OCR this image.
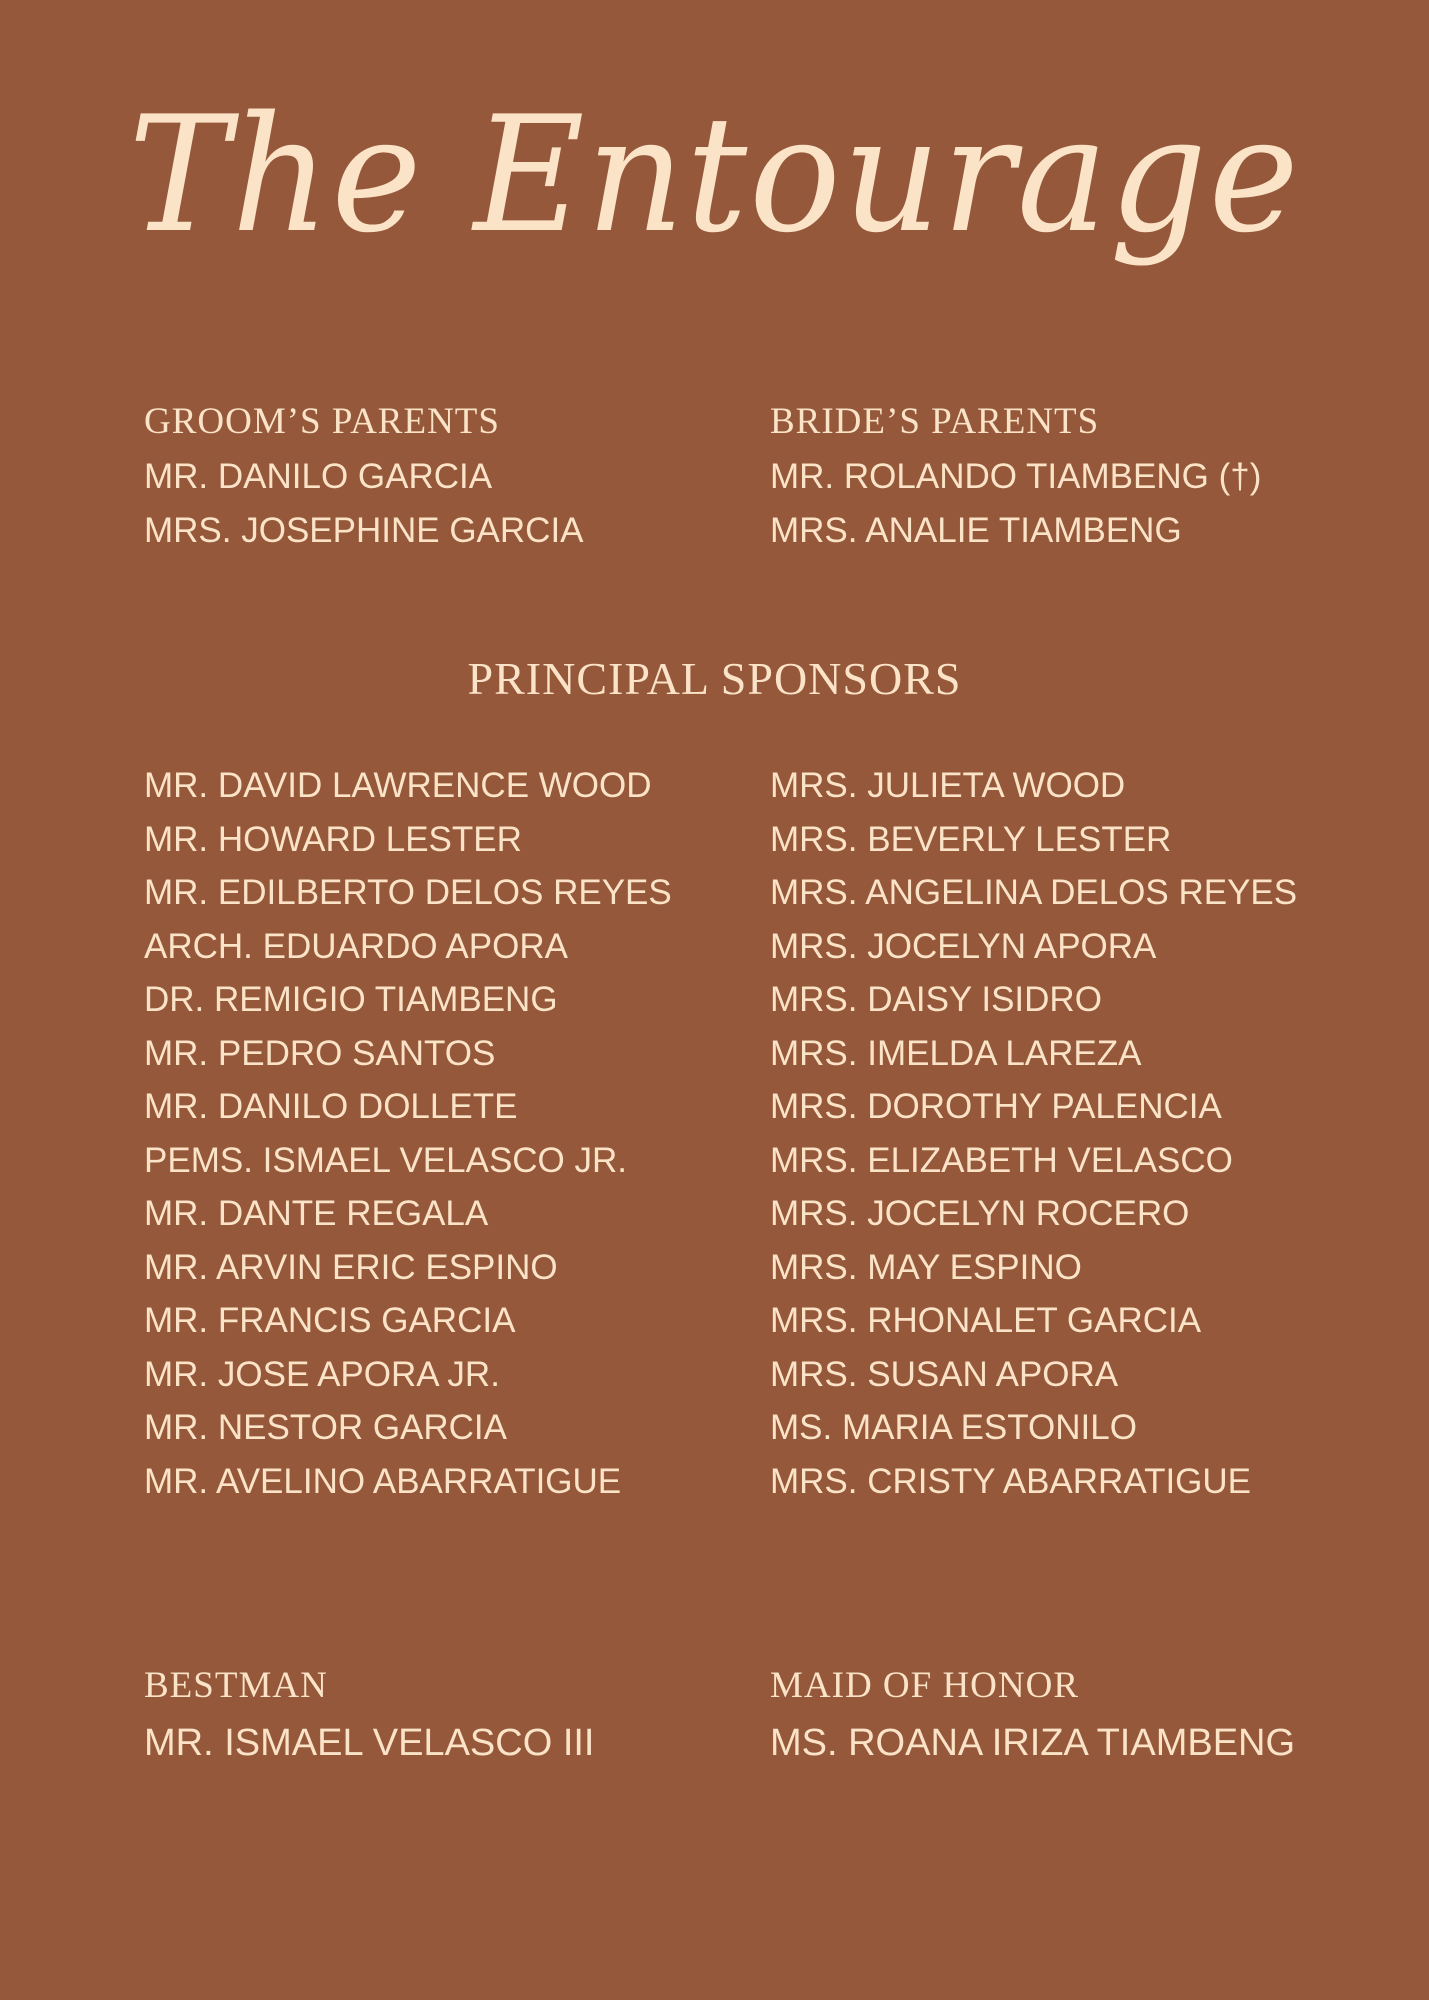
The Entourage

GROOM’S PARENTS

MR. DANILO GARCIA

MRS. JOSEPHINE GARCIA

BRIDE’S PARENTS

MR. ROLANDO TIAMBENG (†)

MRS. ANALIE TIAMBENG

PRINCIPAL SPONSORS
MR. DAVID LAWRENCE WOOD
MR. HOWARD LESTER
MR. EDILBERTO DELOS REYES
ARCH. EDUARDO APORA
DR. REMIGIO TIAMBENG
MR. PEDRO SANTOS
MR. DANILO DOLLETE
PEMS. ISMAEL VELASCO JR.
MR. DANTE REGALA
MR. ARVIN ERIC ESPINO
MR. FRANCIS GARCIA
MR. JOSE APORA JR.
MR. NESTOR GARCIA
MR. AVELINO ABARRATIGUE
MRS. JULIETA WOOD
MRS. BEVERLY LESTER
MRS. ANGELINA DELOS REYES
MRS. JOCELYN APORA
MRS. DAISY ISIDRO
MRS. IMELDA LAREZA
MRS. DOROTHY PALENCIA
MRS. ELIZABETH VELASCO
MRS. JOCELYN ROCERO
MRS. MAY ESPINO
MRS. RHONALET GARCIA
MRS. SUSAN APORA
MS. MARIA ESTONILO
MRS. CRISTY ABARRATIGUE

BESTMAN

MR. ISMAEL VELASCO III

MAID OF HONOR

MS. ROANA IRIZA TIAMBENG
